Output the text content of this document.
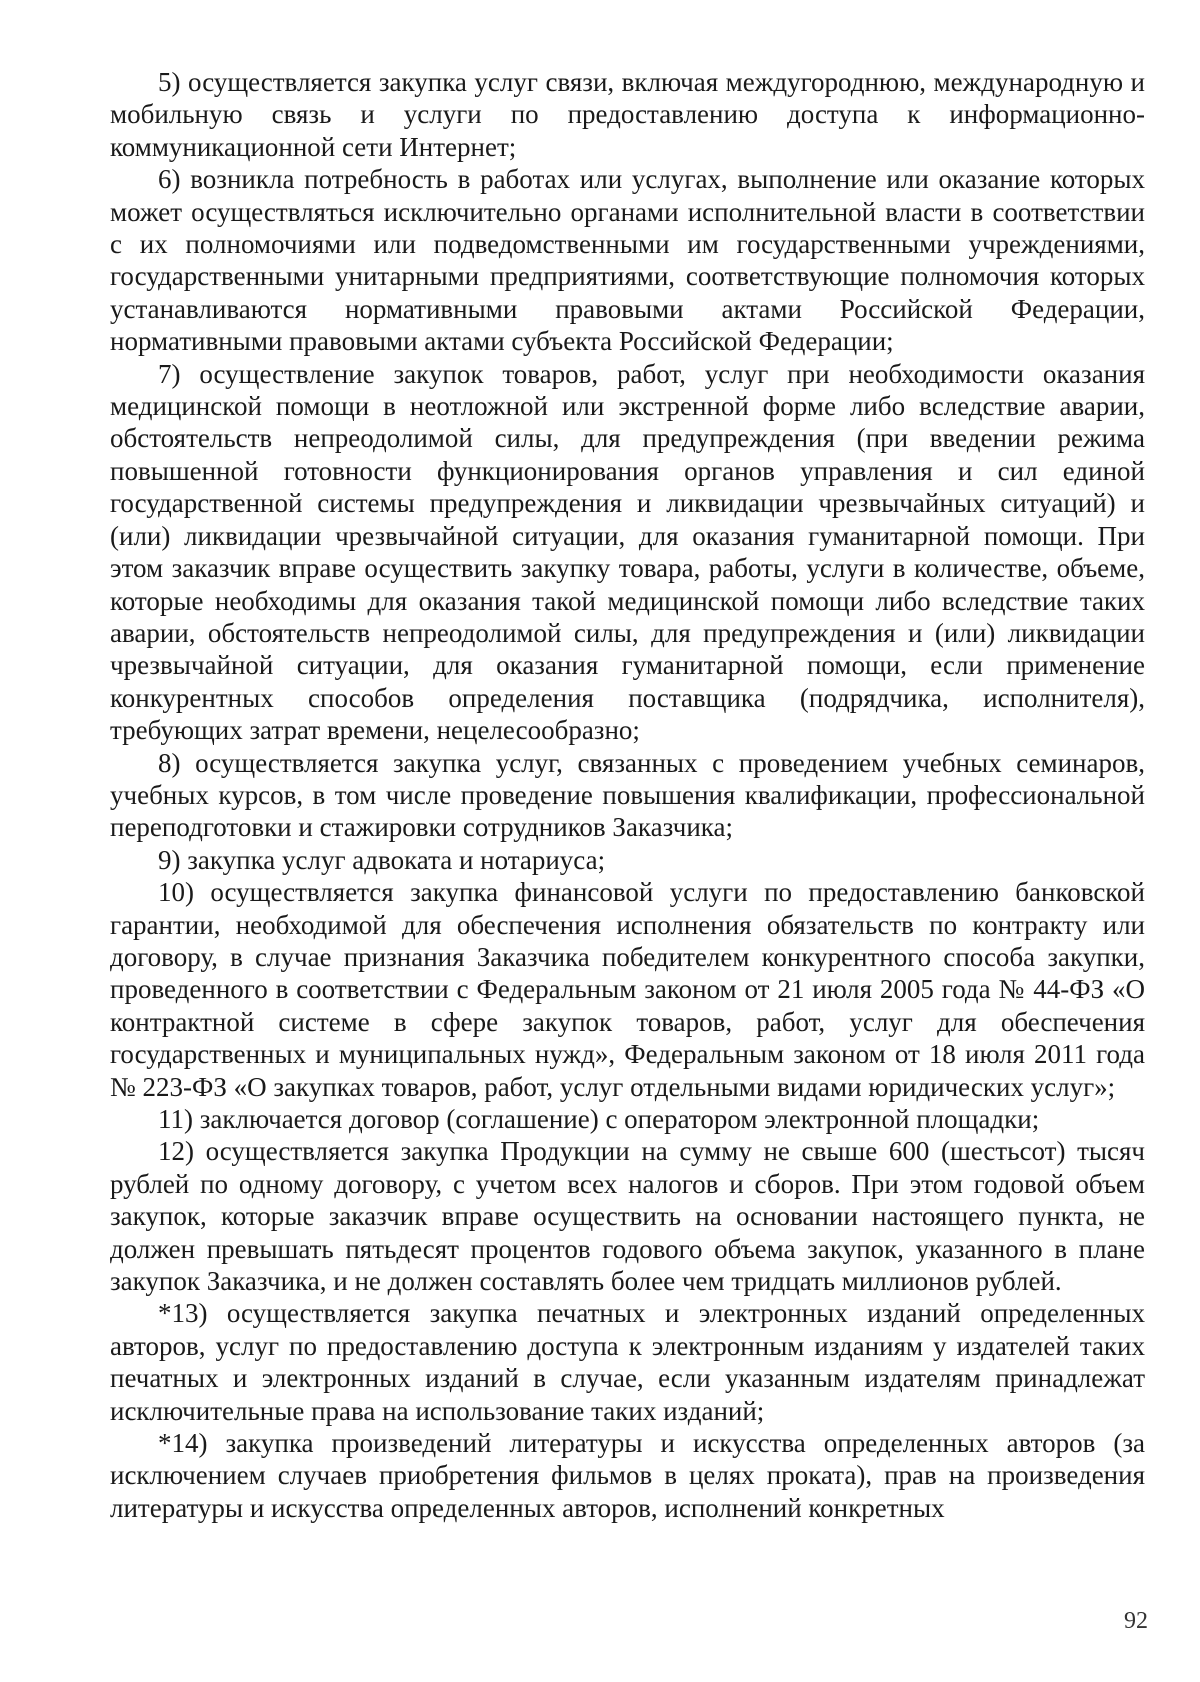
5) осуществляется закупка услуг связи, включая междугороднюю, международную и мобильную связь и услуги по предоставлению доступа к информационно-коммуникационной сети Интернет;

6) возникла потребность в работах или услугах, выполнение или оказание которых может осуществляться исключительно органами исполнительной власти в соответствии с их полномочиями или подведомственными им государственными учреждениями, государственными унитарными предприятиями, соответствующие полномочия которых устанавливаются нормативными правовыми актами Российской Федерации, нормативными правовыми актами субъекта Российской Федерации;

7) осуществление закупок товаров, работ, услуг при необходимости оказания медицинской помощи в неотложной или экстренной форме либо вследствие аварии, обстоятельств непреодолимой силы, для предупреждения (при введении режима повышенной готовности функционирования органов управления и сил единой государственной системы предупреждения и ликвидации чрезвычайных ситуаций) и (или) ликвидации чрезвычайной ситуации, для оказания гуманитарной помощи. При этом заказчик вправе осуществить закупку товара, работы, услуги в количестве, объеме, которые необходимы для оказания такой медицинской помощи либо вследствие таких аварии, обстоятельств непреодолимой силы, для предупреждения и (или) ликвидации чрезвычайной ситуации, для оказания гуманитарной помощи, если применение конкурентных способов определения поставщика (подрядчика, исполнителя), требующих затрат времени, нецелесообразно;

8) осуществляется закупка услуг, связанных с проведением учебных семинаров, учебных курсов, в том числе проведение повышения квалификации, профессиональной переподготовки и стажировки сотрудников Заказчика;

9) закупка услуг адвоката и нотариуса;

10) осуществляется закупка финансовой услуги по предоставлению банковской гарантии, необходимой для обеспечения исполнения обязательств по контракту или договору, в случае признания Заказчика победителем конкурентного способа закупки, проведенного в соответствии с Федеральным законом от 21 июля 2005 года № 44-ФЗ «О контрактной системе в сфере закупок товаров, работ, услуг для обеспечения государственных и муниципальных нужд», Федеральным законом от 18 июля 2011 года № 223-ФЗ «О закупках товаров, работ, услуг отдельными видами юридических услуг»;

11) заключается договор (соглашение) с оператором электронной площадки;

12) осуществляется закупка Продукции на сумму не свыше 600 (шестьсот) тысяч рублей по одному договору, с учетом всех налогов и сборов. При этом годовой объем закупок, которые заказчик вправе осуществить на основании настоящего пункта, не должен превышать пятьдесят процентов годового объема закупок, указанного в плане закупок Заказчика, и не должен составлять более чем тридцать миллионов рублей.

*13) осуществляется закупка печатных и электронных изданий определенных авторов, услуг по предоставлению доступа к электронным изданиям у издателей таких печатных и электронных изданий в случае, если указанным издателям принадлежат исключительные права на использование таких изданий;

*14) закупка произведений литературы и искусства определенных авторов (за исключением случаев приобретения фильмов в целях проката), прав на произведения литературы и искусства определенных авторов, исполнений конкретных

92
